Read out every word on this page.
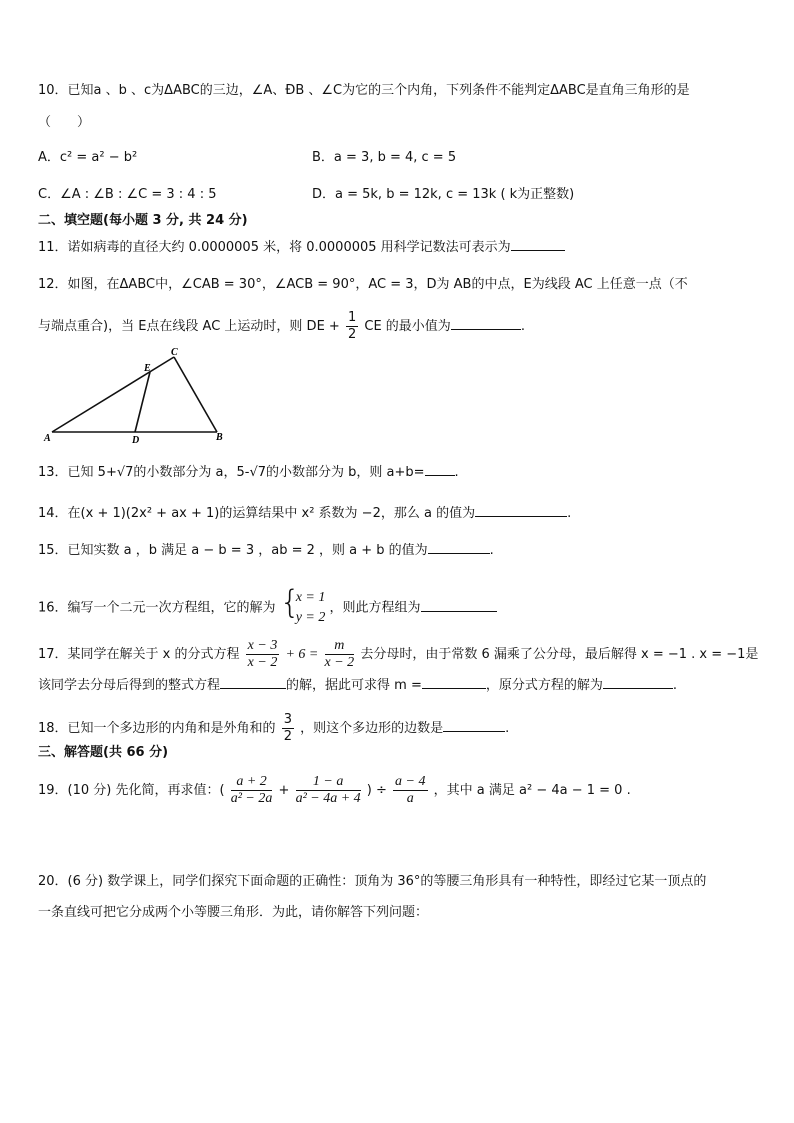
10．已知a 、b 、c为ΔABC的三边，∠A、ÐB 、∠C为它的三个内角，下列条件不能判定ΔABC是直角三角形的是
（　　）
A．c² = a² − b²	B．a = 3, b = 4, c = 5
C．∠A : ∠B : ∠C = 3 : 4 : 5	D．a = 5k, b = 12k, c = 13k ( k为正整数)
二、填空题(每小题 3 分, 共 24 分)
11．诺如病毒的直径大约 0.0000005 米，将 0.0000005 用科学记数法可表示为
12．如图，在ΔABC中，∠CAB = 30°，∠ACB = 90°，AC = 3，D为 AB的中点，E为线段 AC 上任意一点（不
与端点重合)，当 E点在线段 AC 上运动时，则 DE + $\frac{1}{2}$ CE 的最小值为	.
A	D	B
C
E
13．已知 5+√7的小数部分为 a，5-√7的小数部分为 b，则 a+b= .
14．在(x + 1)(2x² + ax + 1)的运算结果中 x² 系数为 −2，那么 a 的值为	.
15．已知实数 a ，b 满足 a − b = 3 ，ab = 2 ，则 a + b 的值为	.
16．编写一个二元一次方程组，它的解为 {
x = 1
y = 2
，则此方程组为
17．某同学在解关于 x 的分式方程 $\frac{x - 3}{x - 2} + 6 = \frac{m}{x - 2}$ 去分母时，由于常数 6 漏乘了公分母，最后解得 x = −1 . x = −1是
该同学去分母后得到的整式方程	的解，据此可求得 m =	，原分式方程的解为	.
18．已知一个多边形的内角和是外角和的 $\frac{3}{2}$ ，则这个多边形的边数是	.
三、解答题(共 66 分)
19．(10 分) 先化简，再求值：( $\frac{a + 2}{\text{a² − 2a}} + \frac{1 - a}{\text{a² − 4a + 4}}$ ) ÷ $\frac{a - 4}{a}$ ，其中 a 满足 a² − 4a − 1 = 0 .
20．(6 分) 数学课上，同学们探究下面命题的正确性：顶角为 36°的等腰三角形具有一种特性，即经过它某一顶点的
一条直线可把它分成两个小等腰三角形．为此，请你解答下列问题：
